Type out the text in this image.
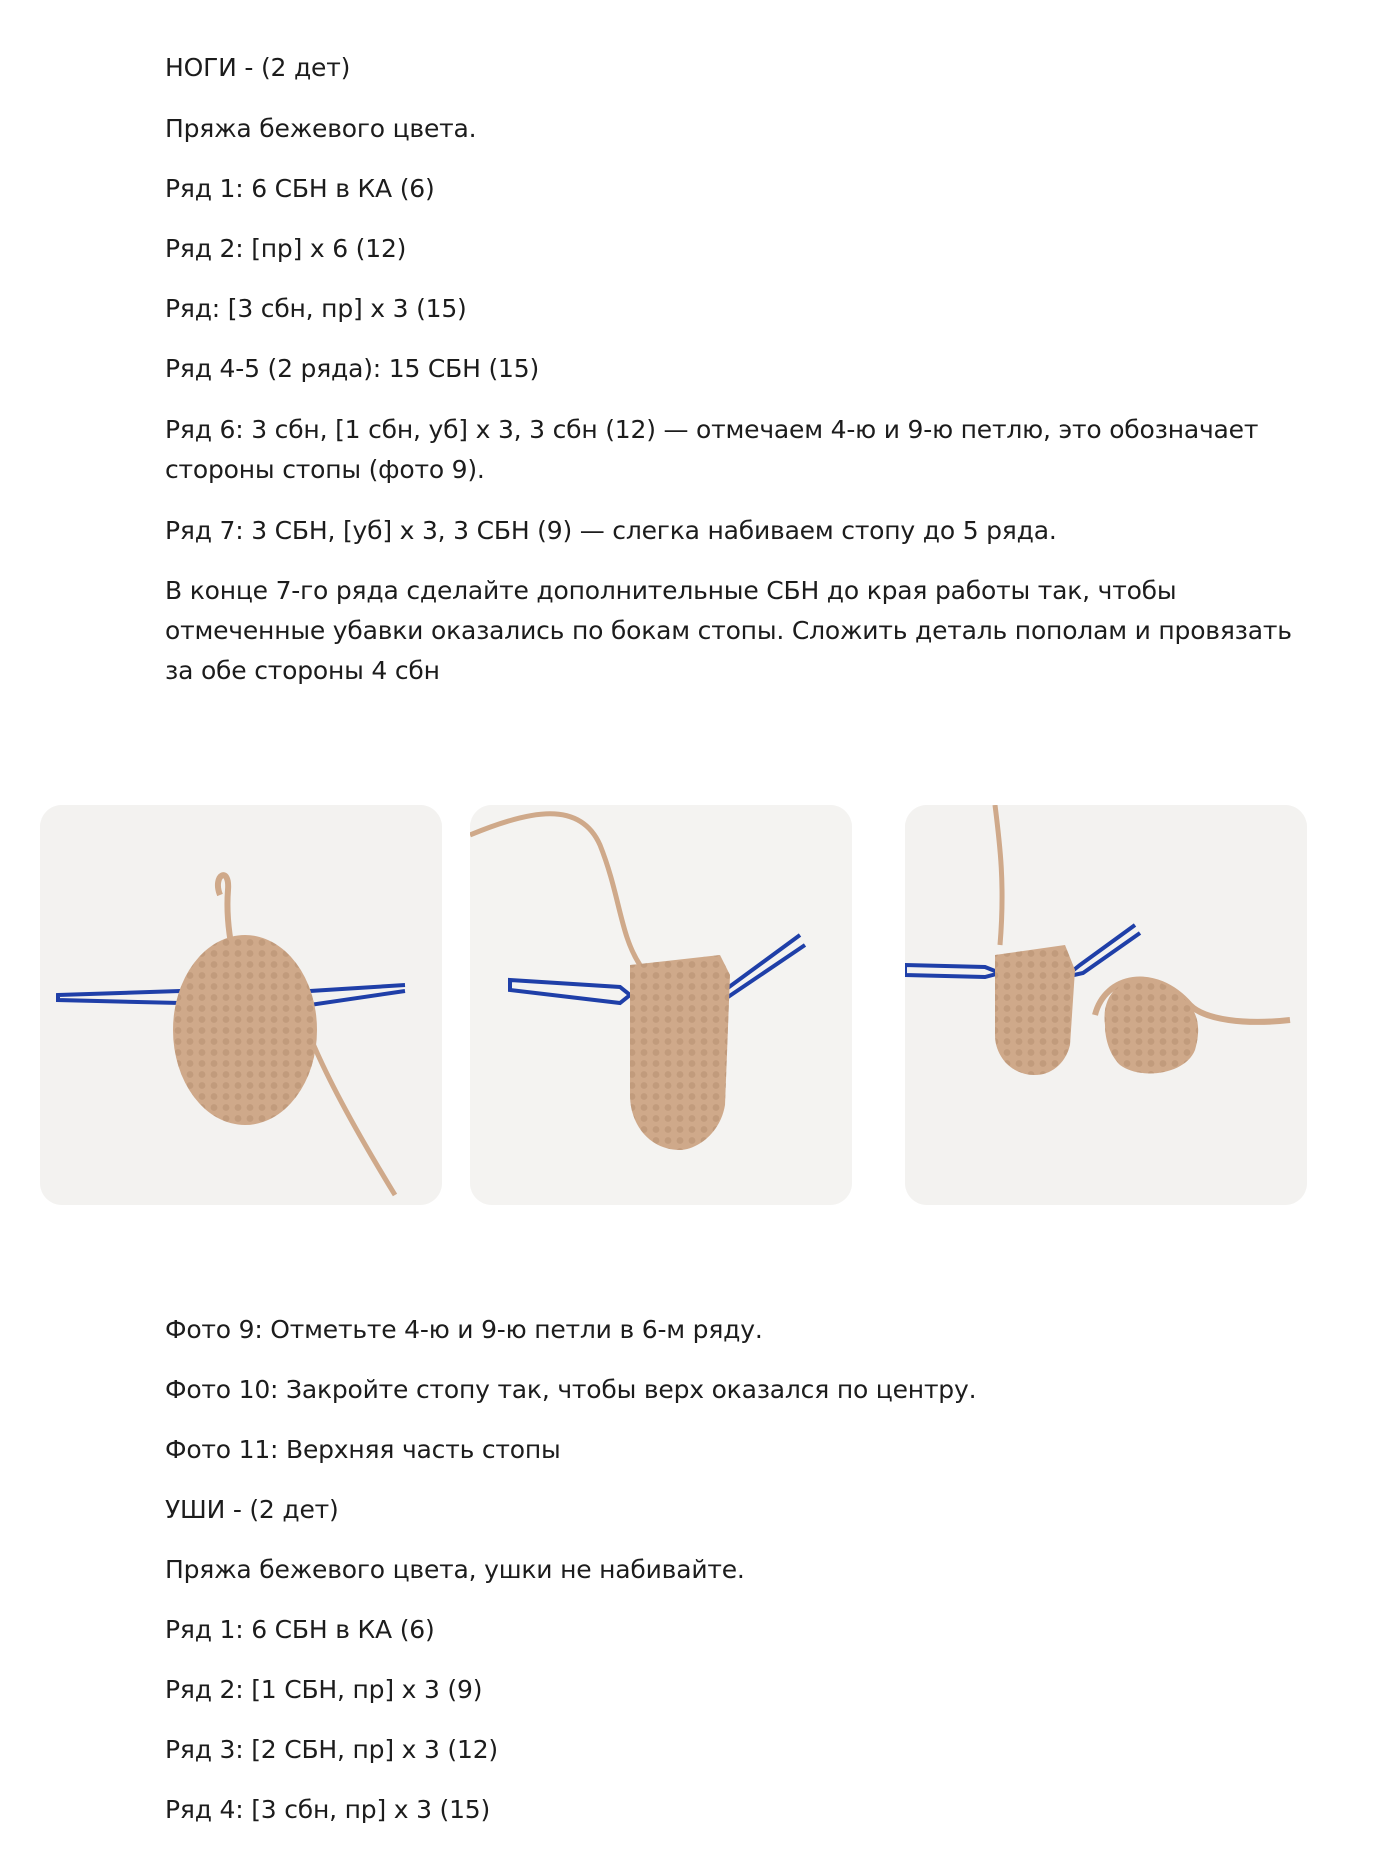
НОГИ - (2 дет)
Пряжа бежевого цвета.
Ряд 1: 6 СБН в КА (6)
Ряд 2: [пр] х 6 (12)
Ряд: [3 сбн, пр] х 3 (15)
Ряд 4-5 (2 ряда): 15 СБН (15)
Ряд 6: 3 сбн, [1 сбн, уб] х 3, 3 сбн (12) — отмечаем 4-ю и 9-ю петлю, это обозначает
стороны стопы (фото 9).
Ряд 7: 3 СБН, [уб] х 3, 3 СБН (9) — слегка набиваем стопу до 5 ряда.
В конце 7-го ряда сделайте дополнительные СБН до края работы так, чтобы
отмеченные убавки оказались по бокам стопы. Сложить деталь пополам и провязать
за обе стороны 4 сбн
Фото 9: Отметьте 4-ю и 9-ю петли в 6-м ряду.
Фото 10: Закройте стопу так, чтобы верх оказался по центру.
Фото 11: Верхняя часть стопы
УШИ - (2 дет)
Пряжа бежевого цвета, ушки не набивайте.
Ряд 1: 6 СБН в КА (6)
Ряд 2: [1 СБН, пр] х 3 (9)
Ряд 3: [2 СБН, пр] х 3 (12)
Ряд 4: [3 сбн, пр] х 3 (15)
